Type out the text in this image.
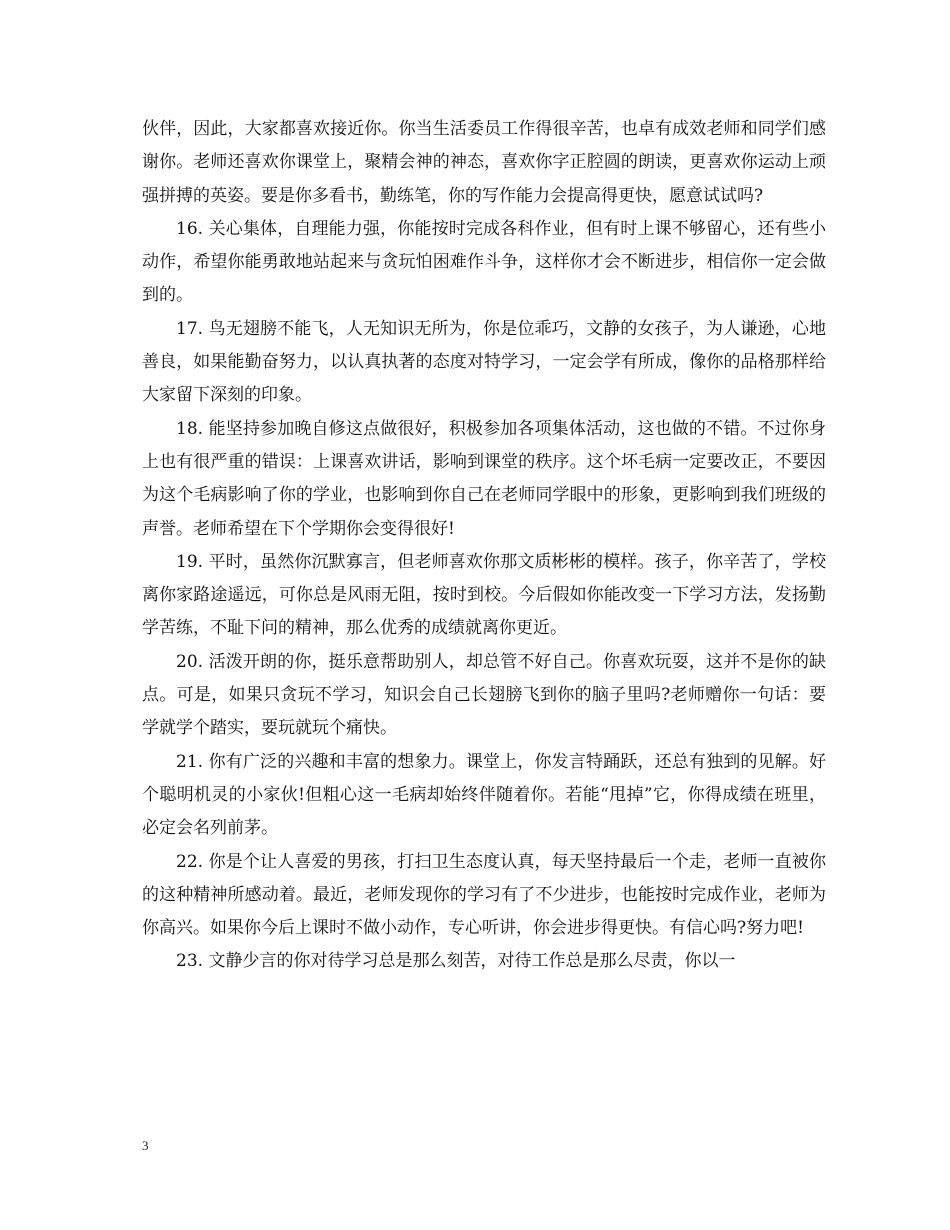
伙伴，因此，大家都喜欢接近你。你当生活委员工作得很辛苦，也卓有成效老师和同学们感谢你。老师还喜欢你课堂上，聚精会神的神态，喜欢你字正腔圆的朗读，更喜欢你运动上顽强拼搏的英姿。要是你多看书，勤练笔，你的写作能力会提高得更快，愿意试试吗?

16. 关心集体，自理能力强，你能按时完成各科作业，但有时上课不够留心，还有些小动作，希望你能勇敢地站起来与贪玩怕困难作斗争，这样你才会不断进步，相信你一定会做到的。

17. 鸟无翅膀不能飞，人无知识无所为，你是位乖巧，文静的女孩子，为人谦逊，心地善良，如果能勤奋努力，以认真执著的态度对特学习，一定会学有所成，像你的品格那样给大家留下深刻的印象。

18. 能坚持参加晚自修这点做很好，积极参加各项集体活动，这也做的不错。不过你身上也有很严重的错误：上课喜欢讲话，影响到课堂的秩序。这个坏毛病一定要改正，不要因为这个毛病影响了你的学业，也影响到你自己在老师同学眼中的形象，更影响到我们班级的声誉。老师希望在下个学期你会变得很好!

19. 平时，虽然你沉默寡言，但老师喜欢你那文质彬彬的模样。孩子，你辛苦了，学校离你家路途遥远，可你总是风雨无阻，按时到校。今后假如你能改变一下学习方法，发扬勤学苦练，不耻下问的精神，那么优秀的成绩就离你更近。

20. 活泼开朗的你，挺乐意帮助别人，却总管不好自己。你喜欢玩耍，这并不是你的缺点。可是，如果只贪玩不学习，知识会自己长翅膀飞到你的脑子里吗?老师赠你一句话：要学就学个踏实，要玩就玩个痛快。

21. 你有广泛的兴趣和丰富的想象力。课堂上，你发言特踊跃，还总有独到的见解。好个聪明机灵的小家伙!但粗心这一毛病却始终伴随着你。若能“甩掉”它，你得成绩在班里，必定会名列前茅。

22. 你是个让人喜爱的男孩，打扫卫生态度认真，每天坚持最后一个走，老师一直被你的这种精神所感动着。最近，老师发现你的学习有了不少进步，也能按时完成作业，老师为你高兴。如果你今后上课时不做小动作，专心听讲，你会进步得更快。有信心吗?努力吧!

23. 文静少言的你对待学习总是那么刻苦，对待工作总是那么尽责，你以一

3
